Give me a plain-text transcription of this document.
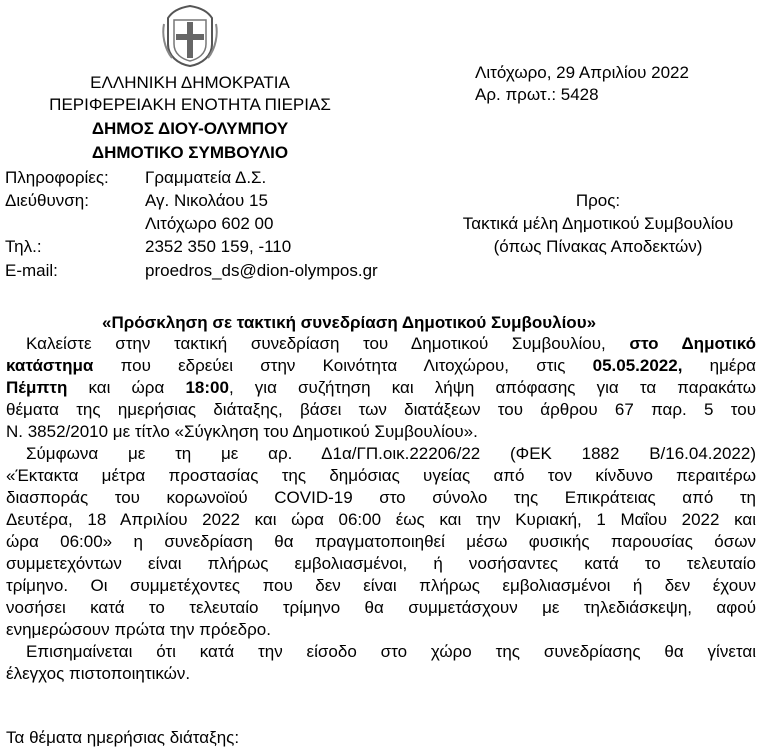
ΕΛΛΗΝΙΚΗ ΔΗΜΟΚΡΑΤΙΑ
ΠΕΡΙΦΕΡΕΙΑΚΗ ΕΝΟΤΗΤΑ ΠΙΕΡΙΑΣ
ΔΗΜΟΣ ΔΙΟΥ-ΟΛΥΜΠΟΥ
ΔΗΜΟΤΙΚΟ ΣΥΜΒΟΥΛΙΟ
Λιτόχωρο, 29 Απριλίου 2022
Αρ. πρωτ.: 5428
Πληροφορίες: Γραμματεία Δ.Σ.
Διεύθυνση:	Αγ. Νικολάου 15
Λιτόχωρο 602 00
Τηλ.:	2352 350 159, -110
E-mail:	proedros_ds@dion-olympos.gr
Προς:
Τακτικά μέλη Δημοτικού Συμβουλίου
(όπως Πίνακας Αποδεκτών)
«Πρόσκληση σε τακτική συνεδρίαση Δημοτικού Συμβουλίου»
Καλείστε στην τακτική συνεδρίαση του Δημοτικού Συμβουλίου, στο Δημοτικό
κατάστημα που εδρεύει στην Κοινότητα Λιτοχώρου, στις 05.05.2022, ημέρα
Πέμπτη και ώρα 18:00, για συζήτηση και λήψη απόφασης για τα παρακάτω
θέματα της ημερήσιας διάταξης, βάσει των διατάξεων του άρθρου 67 παρ. 5 του
Ν. 3852/2010 με τίτλο «Σύγκληση του Δημοτικού Συμβουλίου».
Σύμφωνα με τη με αρ. Δ1α/ΓΠ.οικ.22206/22 (ΦΕΚ 1882 Β/16.04.2022)
«Έκτακτα μέτρα προστασίας της δημόσιας υγείας από τον κίνδυνο περαιτέρω
διασποράς του κορωνοϊού COVID-19 στο σύνολο της Επικράτειας από τη
Δευτέρα, 18 Απριλίου 2022 και ώρα 06:00 έως και την Κυριακή, 1 Μαΐου 2022 και
ώρα 06:00» η συνεδρίαση θα πραγματοποιηθεί μέσω φυσικής παρουσίας όσων
συμμετεχόντων είναι πλήρως εμβολιασμένοι, ή νοσήσαντες κατά το τελευταίο
τρίμηνο. Οι συμμετέχοντες που δεν είναι πλήρως εμβολιασμένοι ή δεν έχουν
νοσήσει κατά το τελευταίο τρίμηνο θα συμμετάσχουν με τηλεδιάσκεψη, αφού
ενημερώσουν πρώτα την πρόεδρο.
Επισημαίνεται ότι κατά την είσοδο στο χώρο της συνεδρίασης θα γίνεται
έλεγχος πιστοποιητικών.
Τα θέματα ημερήσιας διάταξης:
